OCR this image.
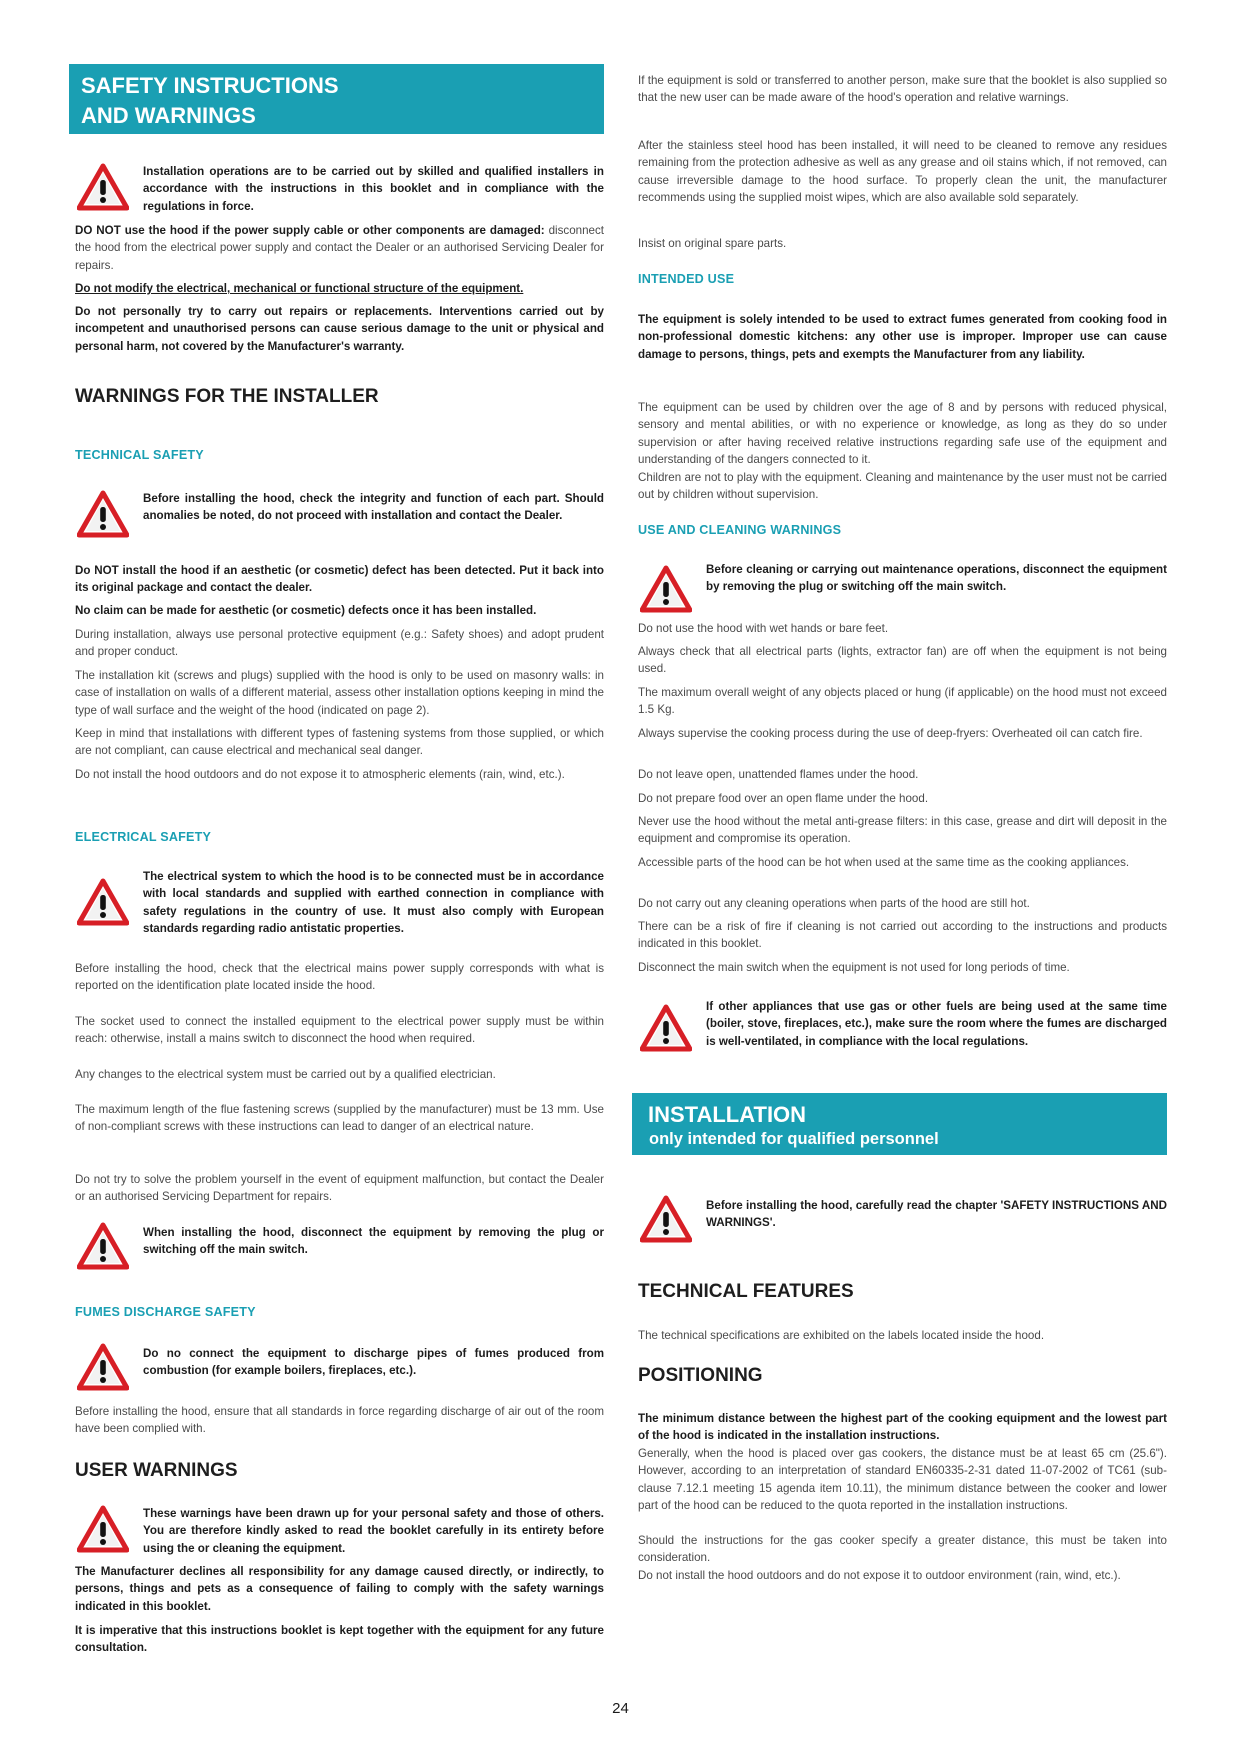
SAFETY INSTRUCTIONS
AND WARNINGS

Installation operations are to be carried out by skilled and qualified installers in accordance with the instructions in this booklet and in compliance with the regulations in force.

DO NOT use the hood if the power supply cable or other components are damaged: disconnect the hood from the electrical power supply and contact the Dealer or an authorised Servicing Dealer for repairs.

Do not modify the electrical, mechanical or functional structure of the equipment.

Do not personally try to carry out repairs or replacements. Interventions carried out by incompetent and unauthorised persons can cause serious damage to the unit or physical and personal harm, not covered by the Manufacturer's warranty.

WARNINGS FOR THE INSTALLER
TECHNICAL SAFETY

Before installing the hood, check the integrity and function of each part. Should anomalies be noted, do not proceed with installation and contact the Dealer.

Do NOT install the hood if an aesthetic (or cosmetic) defect has been detected. Put it back into its original package and contact the dealer.

No claim can be made for aesthetic (or cosmetic) defects once it has been installed.

During installation, always use personal protective equipment (e.g.: Safety shoes) and adopt prudent and proper conduct.

The installation kit (screws and plugs) supplied with the hood is only to be used on masonry walls: in case of installation on walls of a different material, assess other installation options keeping in mind the type of wall surface and the weight of the hood (indicated on page 2).

Keep in mind that installations with different types of fastening systems from those supplied, or which are not compliant, can cause electrical and mechanical seal danger.

Do not install the hood outdoors and do not expose it to atmospheric elements (rain, wind, etc.).

ELECTRICAL SAFETY

The electrical system to which the hood is to be connected must be in accordance with local standards and supplied with earthed connection in compliance with safety regulations in the country of use. It must also comply with European standards regarding radio antistatic properties.

Before installing the hood, check that the electrical mains power supply corresponds with what is reported on the identification plate located inside the hood.

The socket used to connect the installed equipment to the electrical power supply must be within reach: otherwise, install a mains switch to disconnect the hood when required.

Any changes to the electrical system must be carried out by a qualified electrician.

The maximum length of the flue fastening screws (supplied by the manufacturer) must be 13 mm. Use of non-compliant screws with these instructions can lead to danger of an electrical nature.

Do not try to solve the problem yourself in the event of equipment malfunction, but contact the Dealer or an authorised Servicing Department for repairs.

When installing the hood, disconnect the equipment by removing the plug or switching off the main switch.

FUMES DISCHARGE SAFETY

Do no connect the equipment to discharge pipes of fumes produced from combustion (for example boilers, fireplaces, etc.).

Before installing the hood, ensure that all standards in force regarding discharge of air out of the room have been complied with.

USER WARNINGS

These warnings have been drawn up for your personal safety and those of others. You are therefore kindly asked to read the booklet carefully in its entirety before using the or cleaning the equipment.

The Manufacturer declines all responsibility for any damage caused directly, or indirectly, to persons, things and pets as a consequence of failing to comply with the safety warnings indicated in this booklet.

It is imperative that this instructions booklet is kept together with the equipment for any future consultation.

If the equipment is sold or transferred to another person, make sure that the booklet is also supplied so that the new user can be made aware of the hood's operation and relative warnings.

After the stainless steel hood has been installed, it will need to be cleaned to remove any residues remaining from the protection adhesive as well as any grease and oil stains which, if not removed, can cause irreversible damage to the hood surface. To properly clean the unit, the manufacturer recommends using the supplied moist wipes, which are also available sold separately.

Insist on original spare parts.

INTENDED USE

The equipment is solely intended to be used to extract fumes generated from cooking food in non-professional domestic kitchens: any other use is improper. Improper use can cause damage to persons, things, pets and exempts the Manufacturer from any liability.

The equipment can be used by children over the age of 8 and by persons with reduced physical, sensory and mental abilities, or with no experience or knowledge, as long as they do so under supervision or after having received relative instructions regarding safe use of the equipment and understanding of the dangers connected to it.

Children are not to play with the equipment. Cleaning and maintenance by the user must not be carried out by children without supervision.

USE AND CLEANING WARNINGS

Before cleaning or carrying out maintenance operations, disconnect the equipment by removing the plug or switching off the main switch.

Do not use the hood with wet hands or bare feet.

Always check that all electrical parts (lights, extractor fan) are off when the equipment is not being used.

The maximum overall weight of any objects placed or hung (if applicable) on the hood must not exceed 1.5 Kg.

Always supervise the cooking process during the use of deep-fryers: Overheated oil can catch fire.

Do not leave open, unattended flames under the hood.

Do not prepare food over an open flame under the hood.

Never use the hood without the metal anti-grease filters: in this case, grease and dirt will deposit in the equipment and compromise its operation.

Accessible parts of the hood can be hot when used at the same time as the cooking appliances.

Do not carry out any cleaning operations when parts of the hood are still hot.

There can be a risk of fire if cleaning is not carried out according to the instructions and products indicated in this booklet.

Disconnect the main switch when the equipment is not used for long periods of time.

If other appliances that use gas or other fuels are being used at the same time (boiler, stove, fireplaces, etc.), make sure the room where the fumes are discharged is well-ventilated, in compliance with the local regulations.

INSTALLATION
only intended for qualified personnel

Before installing the hood, carefully read the chapter 'SAFETY INSTRUCTIONS AND WARNINGS'.

TECHNICAL FEATURES

The technical specifications are exhibited on the labels located inside the hood.

POSITIONING

The minimum distance between the highest part of the cooking equipment and the lowest part of the hood is indicated in the installation instructions.

Generally, when the hood is placed over gas cookers, the distance must be at least 65 cm (25.6"). However, according to an interpretation of standard EN60335-2-31 dated 11-07-2002 of TC61 (sub-clause 7.12.1 meeting 15 agenda item 10.11), the minimum distance between the cooker and lower part of the hood can be reduced to the quota reported in the installation instructions.

Should the instructions for the gas cooker specify a greater distance, this must be taken into consideration.

Do not install the hood outdoors and do not expose it to outdoor environment (rain, wind, etc.).

24
